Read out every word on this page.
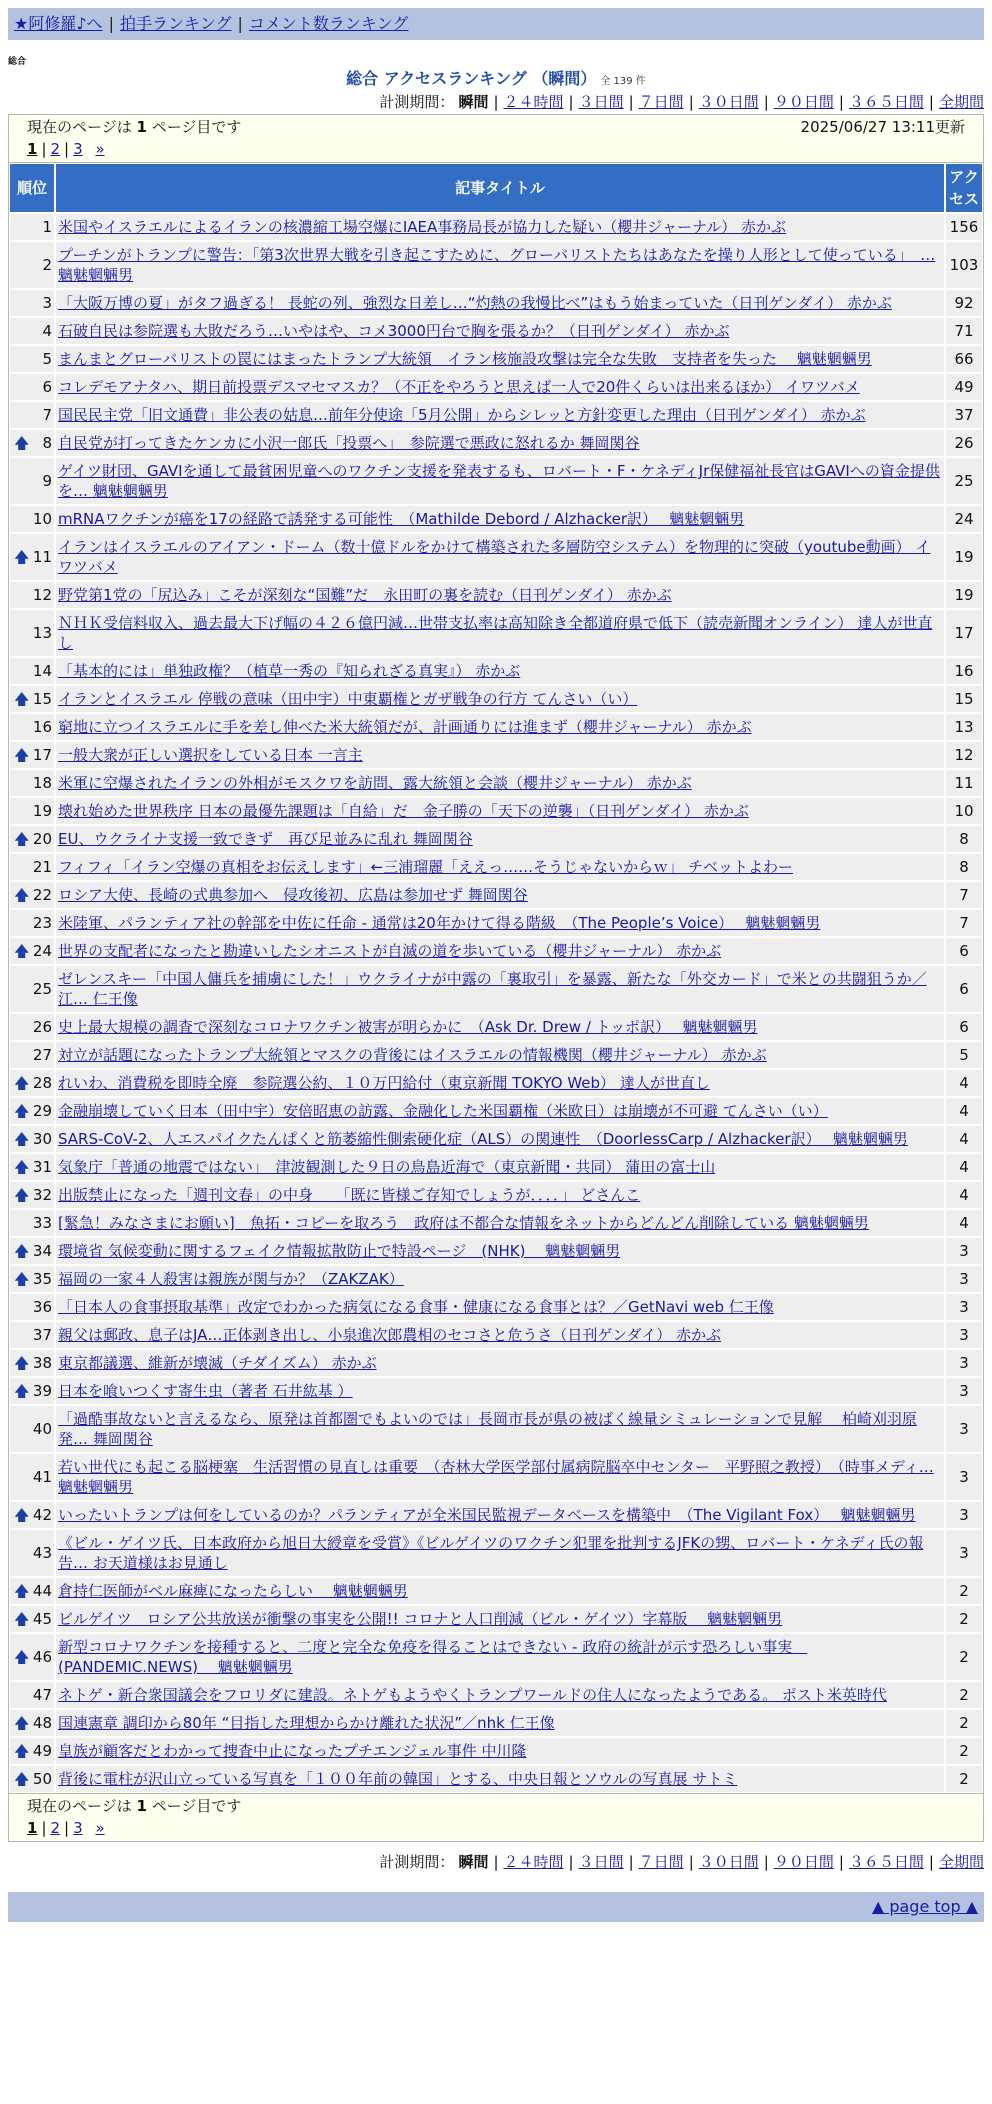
★阿修羅♪へ | 拍手ランキング | コメント数ランキング
総合
総合 アクセスランキング （瞬間） 全 139 件
計測期間： 瞬間 | ２４時間 | ３日間 | ７日間 | ３０日間 | ９０日間 | ３６５日間 | 全期間
現在のページは 1 ページ目です	2025/06/27 13:11更新
1 | 2 | 3 »
順位	記事タイトル	アクセス
1	米国やイスラエルによるイランの核濃縮工場空爆にIAEA事務局長が協力した疑い（櫻井ジャーナル） 赤かぶ	156
2	プーチンがトランプに警告：「第3次世界大戦を引き起こすために、グローバリストたちはあなたを操り人形として使っている」　… 魑魅魍魎男	103
3	「大阪万博の夏」がタフ過ぎる！ 長蛇の列、強烈な日差し…“灼熱の我慢比べ”はもう始まっていた（日刊ゲンダイ） 赤かぶ	92
4	石破自民は参院選も大敗だろう…いやはや、コメ3000円台で胸を張るか？（日刊ゲンダイ） 赤かぶ	71
5	まんまとグローバリストの罠にはまったトランプ大統領　イラン核施設攻撃は完全な失敗　支持者を失った　 魑魅魍魎男	66
6	コレデモアナタハ、期日前投票デスマセマスカ？（不正をやろうと思えば一人で20件くらいは出来るほか） イワツバメ	49
7	国民民主党「旧文通費」非公表の姑息…前年分使途「5月公開」からシレッと方針変更した理由（日刊ゲンダイ） 赤かぶ	37

🡅 8	自民党が打ってきたケンカに小沢一郎氏「投票へ」　参院選で悪政に怒れるか 舞岡関谷	26
9	ゲイツ財団、GAVIを通して最貧困児童へのワクチン支援を発表するも、ロバート・F・ケネディJr保健福祉長官はGAVIへの資金提供を… 魑魅魍魎男	25
10	mRNAワクチンが癌を17の経路で誘発する可能性　（Mathilde Debord / Alzhacker訳）　 魑魅魍魎男	24

🡅 11	イランはイスラエルのアイアン・ドーム（数十億ドルをかけて構築された多層防空システム）を物理的に突破（youtube動画） イワツバメ	19
12	野党第1党の「尻込み」こそが深刻な“国難”だ　永田町の裏を読む（日刊ゲンダイ） 赤かぶ	19
13	ＮＨＫ受信料収入、過去最大下げ幅の４２６億円減…世帯支払率は高知除き全都道府県で低下（読売新聞オンライン） 達人が世直し	17
14	「基本的には」単独政権？（植草一秀の『知られざる真実』） 赤かぶ	16

🡅 15	イランとイスラエル 停戦の意味（田中宇）中東覇権とガザ戦争の行方 てんさい（い）	15
16	窮地に立つイスラエルに手を差し伸べた米大統領だが、計画通りには進まず（櫻井ジャーナル） 赤かぶ	13

🡅 17	一般大衆が正しい選択をしている日本 一言主	12
18	米軍に空爆されたイランの外相がモスクワを訪問、露大統領と会談（櫻井ジャーナル） 赤かぶ	11
19	壊れ始めた世界秩序 日本の最優先課題は「自給」だ　金子勝の「天下の逆襲」（日刊ゲンダイ） 赤かぶ	10

🡅 20	EU、ウクライナ支援一致できず　再び足並みに乱れ 舞岡関谷	8
21	フィフィ「イラン空爆の真相をお伝えします」←三浦瑠麗「ええっ……そうじゃないからｗ」 チベットよわー	8

🡅 22	ロシア大使、長崎の式典参加へ　侵攻後初、広島は参加せず 舞岡関谷	7
23	米陸軍、パランティア社の幹部を中佐に任命 - 通常は20年かけて得る階級　（The People’s Voice）　 魑魅魍魎男	7

🡅 24	世界の支配者になったと勘違いしたシオニストが自滅の道を歩いている（櫻井ジャーナル） 赤かぶ	6
25	ゼレンスキー「中国人傭兵を捕虜にした！」ウクライナが中露の「裏取引」を暴露、新たな「外交カード」で米との共闘狙うか／江… 仁王像	6
26	史上最大規模の調査で深刻なコロナワクチン被害が明らかに　（Ask Dr. Drew / トッポ訳）　 魑魅魍魎男	6
27	対立が話題になったトランプ大統領とマスクの背後にはイスラエルの情報機関（櫻井ジャーナル） 赤かぶ	5

🡅 28	れいわ、消費税を即時全廃　参院選公約、１０万円給付（東京新聞 TOKYO Web） 達人が世直し	4

🡅 29	金融崩壊していく日本（田中宇）安倍昭恵の訪露、金融化した米国覇権（米欧日）は崩壊が不可避 てんさい（い）	4

🡅 30	SARS-CoV-2、人エスパイクたんぱくと筋萎縮性側索硬化症（ALS）の関連性　（DoorlessCarp / Alzhacker訳）　 魑魅魍魎男	4

🡅 31	気象庁「普通の地震ではない」　津波観測した９日の鳥島近海で（東京新聞・共同） 蒲田の富士山	4

🡅 32	出版禁止になった「週刊文春」の中身　　「既に皆様ご存知でしょうが．．．．」 どさんこ	4
33	[緊急！みなさまにお願い]　魚拓・コピーを取ろう　政府は不都合な情報をネットからどんどん削除している 魑魅魍魎男	4

🡅 34	環境省 気候変動に関するフェイク情報拡散防止で特設ページ　(NHK)　 魑魅魍魎男	3

🡅 35	福岡の一家４人殺害は親族が関与か？（ZAKZAK）	3
36	「日本人の食事摂取基準」改定でわかった病気になる食事・健康になる食事とは？／GetNavi web 仁王像	3
37	親父は郵政、息子はJA…正体剥き出し、小泉進次郎農相のセコさと危うさ（日刊ゲンダイ） 赤かぶ	3

🡅 38	東京都議選、維新が壊滅（チダイズム） 赤かぶ	3

🡅 39	日本を喰いつくす寄生虫（著者 石井紘基 ）	3
40	「過酷事故ないと言えるなら、原発は首都圏でもよいのでは」長岡市長が県の被ばく線量シミュレーションで見解　 柏崎刈羽原発… 舞岡関谷	3
41	若い世代にも起こる脳梗塞　生活習慣の見直しは重要　（杏林大学医学部付属病院脳卒中センター　平野照之教授）　（時事メディ… 魑魅魍魎男	3

🡅 42	いったいトランプは何をしているのか？パランティアが全米国民監視データベースを構築中　（The Vigilant Fox）　 魑魅魍魎男	3
43	《ビル・ゲイツ氏、日本政府から旭日大綬章を受賞》《ビルゲイツのワクチン犯罪を批判するJFKの甥、ロバート・ケネディ氏の報告… お天道様はお見通し	3

🡅 44	倉持仁医師がベル麻痺になったらしい　 魑魅魍魎男	2

🡅 45	ビルゲイツ　ロシア公共放送が衝撃の事実を公開!! コロナと人口削減（ビル・ゲイツ）字幕版　 魑魅魍魎男	2

🡅 46	新型コロナワクチンを接種すると、二度と完全な免疫を得ることはできない - 政府の統計が示す恐ろしい事実　(PANDEMIC.NEWS)　 魑魅魍魎男	2
47	ネトゲ・新合衆国議会をフロリダに建設。ネトゲもようやくトランプワールドの住人になったようである。 ポスト米英時代	2

🡅 48	国連憲章 調印から80年 “目指した理想からかけ離れた状況”／nhk 仁王像	2

🡅 49	皇族が顧客だとわかって捜査中止になったプチエンジェル事件 中川隆	2

🡅 50	背後に電柱が沢山立っている写真を「１００年前の韓国」とする、中央日報とソウルの写真展 サトミ	2
現在のページは 1 ページ目です
1 | 2 | 3 »
計測期間： 瞬間 | ２４時間 | ３日間 | ７日間 | ３０日間 | ９０日間 | ３６５日間 | 全期間
▲ page top ▲
